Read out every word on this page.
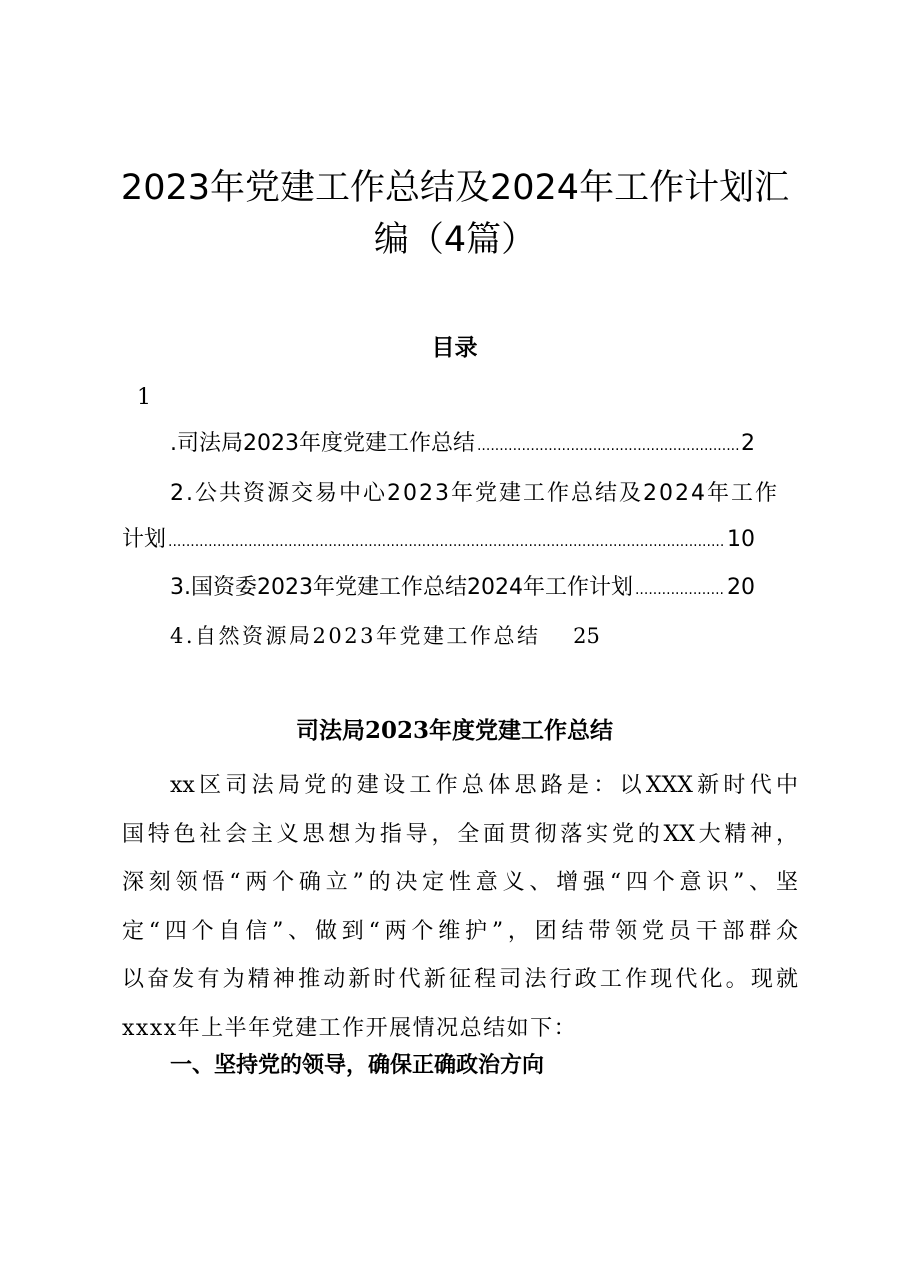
2023年党建工作总结及2024年工作计划汇
编（4篇）
目录
1
.司法局2023年度党建工作总结 .....	2
2.公共资源交易中心2023年党建工作总结及2024年工作
计划 .....	10
3.国资委2023年党建工作总结2024年工作计划 .....	20
4.自然资源局2023年党建工作总结 25
司法局2023年度党建工作总结
xx区司法局党的建设工作总体思路是：以XXX新时代中
国特色社会主义思想为指导，全面贯彻落实党的XX大精神，
深刻领悟“两个确立”的决定性意义、增强“四个意识”、坚
定“四个自信”、做到“两个维护”，团结带领党员干部群众
以奋发有为精神推动新时代新征程司法行政工作现代化。现就
xxxx年上半年党建工作开展情况总结如下：
一、坚持党的领导，确保正确政治方向
